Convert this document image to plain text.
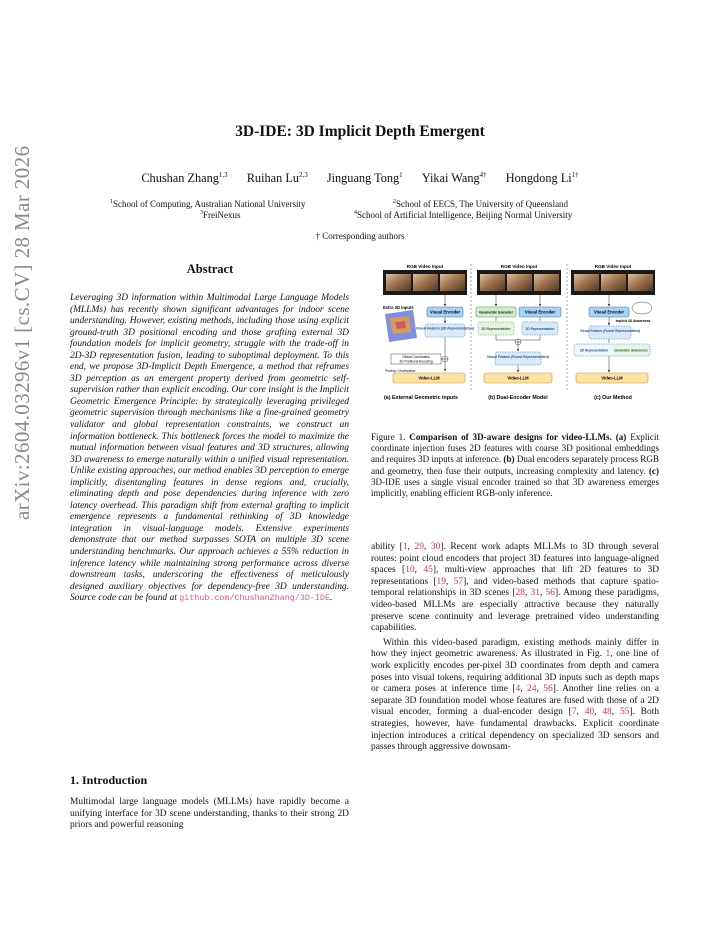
arXiv:2604.03296v1 [cs.CV] 28 Mar 2026
3D-IDE: 3D Implicit Depth Emergent
Chushan Zhang$^{1,3}$ Ruihan Lu$^{2,3}$ Jinguang Tong$^1$ Yikai Wang$^{4\dagger}$ Hongdong $Li^{1\dagger}$
$^1$School of Computing, Australian National University	$^2$School of EECS, The University of Queensland
$^3$FreiNexus	$^4$School of Artificial Intelligence, Beijing Normal University
† Corresponding authors
Abstract
Leveraging 3D information within Multimodal Large Language Models (MLLMs) has recently shown significant advantages for indoor scene understanding. However, existing methods, including those using explicit ground-truth 3D positional encoding and those grafting external 3D foundation models for implicit geometry, struggle with the trade-off in 2D-3D representation fusion, leading to suboptimal deployment. To this end, we propose 3D-Implicit Depth Emergence, a method that reframes 3D perception as an emergent property derived from geometric self-supervision rather than explicit encoding. Our core insight is the Implicit Geometric Emergence Principle: by strategically leveraging privileged geometric supervision through mechanisms like a fine-grained geometry validator and global representation constraints, we construct an information bottleneck. This bottleneck forces the model to maximize the mutual information between visual features and 3D structures, allowing 3D awareness to emerge naturally within a unified visual representation. Unlike existing approaches, our method enables 3D perception to emerge implicitly, disentangling features in dense regions and, crucially, eliminating depth and pose dependencies during inference with zero latency overhead. This paradigm shift from external grafting to implicit emergence represents a fundamental rethinking of 3D knowledge integration in visual-language models. Extensive experiments demonstrate that our method surpasses SOTA on multiple 3D scene understanding benchmarks. Our approach achieves a 55% reduction in inference latency while maintaining strong performance across diverse downstream tasks, underscoring the effectiveness of meticulously designed auxiliary objectives for dependency-free 3D understanding. Source code can be found at github.com/ChushanZhang/3D-IDE.
1. Introduction
Multimodal large language models (MLLMs) have rapidly become a unifying interface for 3D scene understanding, thanks to their strong 2D priors and powerful reasoning
RGB Video Input	RGB Video Input	RGB Video Input
Extra 3D inputs
Visual Encoder
Visual Feature (3D Representation)
Global Coordinates
3D Positional Encoding
Pooling / Voxelization
Video-LLM
Geometric Encoder	Visual Encoder
3D Representation	3D Representation
Visual Feature (Fused Representation)
Video-LLM
Visual Encoder
Implicit 3D Awareness
Visual Feature (Fused Representation)
3D Representation Geometric Awareness
Video-LLM
(a) External Geometric inputs	(b) Dual-Encoder Model	(c) Our Method
Figure 1. Comparison of 3D-aware designs for video-LLMs. (a) Explicit coordinate injection fuses 2D features with coarse 3D positional embeddings and requires 3D inputs at inference. (b) Dual encoders separately process RGB and geometry, then fuse their outputs, increasing complexity and latency. (c) 3D-IDE uses a single visual encoder trained so that 3D awareness emerges implicitly, enabling efficient RGB-only inference.

ability [1, 29, 30]. Recent work adapts MLLMs to 3D through several routes: point cloud encoders that project 3D features into language-aligned spaces [10, 45], multi-view approaches that lift 2D features to 3D representations [19, 57], and video-based methods that capture spatio-temporal relationships in 3D scenes [28, 31, 56]. Among these paradigms, video-based MLLMs are especially attractive because they naturally preserve scene continuity and leverage pretrained video understanding capabilities.

Within this video-based paradigm, existing methods mainly differ in how they inject geometric awareness. As illustrated in Fig. 1, one line of work explicitly encodes per-pixel 3D coordinates from depth and camera poses into visual tokens, requiring additional 3D inputs such as depth maps or camera poses at inference time [4, 24, 56]. Another line relies on a separate 3D foundation model whose features are fused with those of a 2D visual encoder, forming a dual-encoder design [7, 40, 48, 55]. Both strategies, however, have fundamental drawbacks. Explicit coordinate injection introduces a critical dependency on specialized 3D sensors and passes through aggressive downsam-
